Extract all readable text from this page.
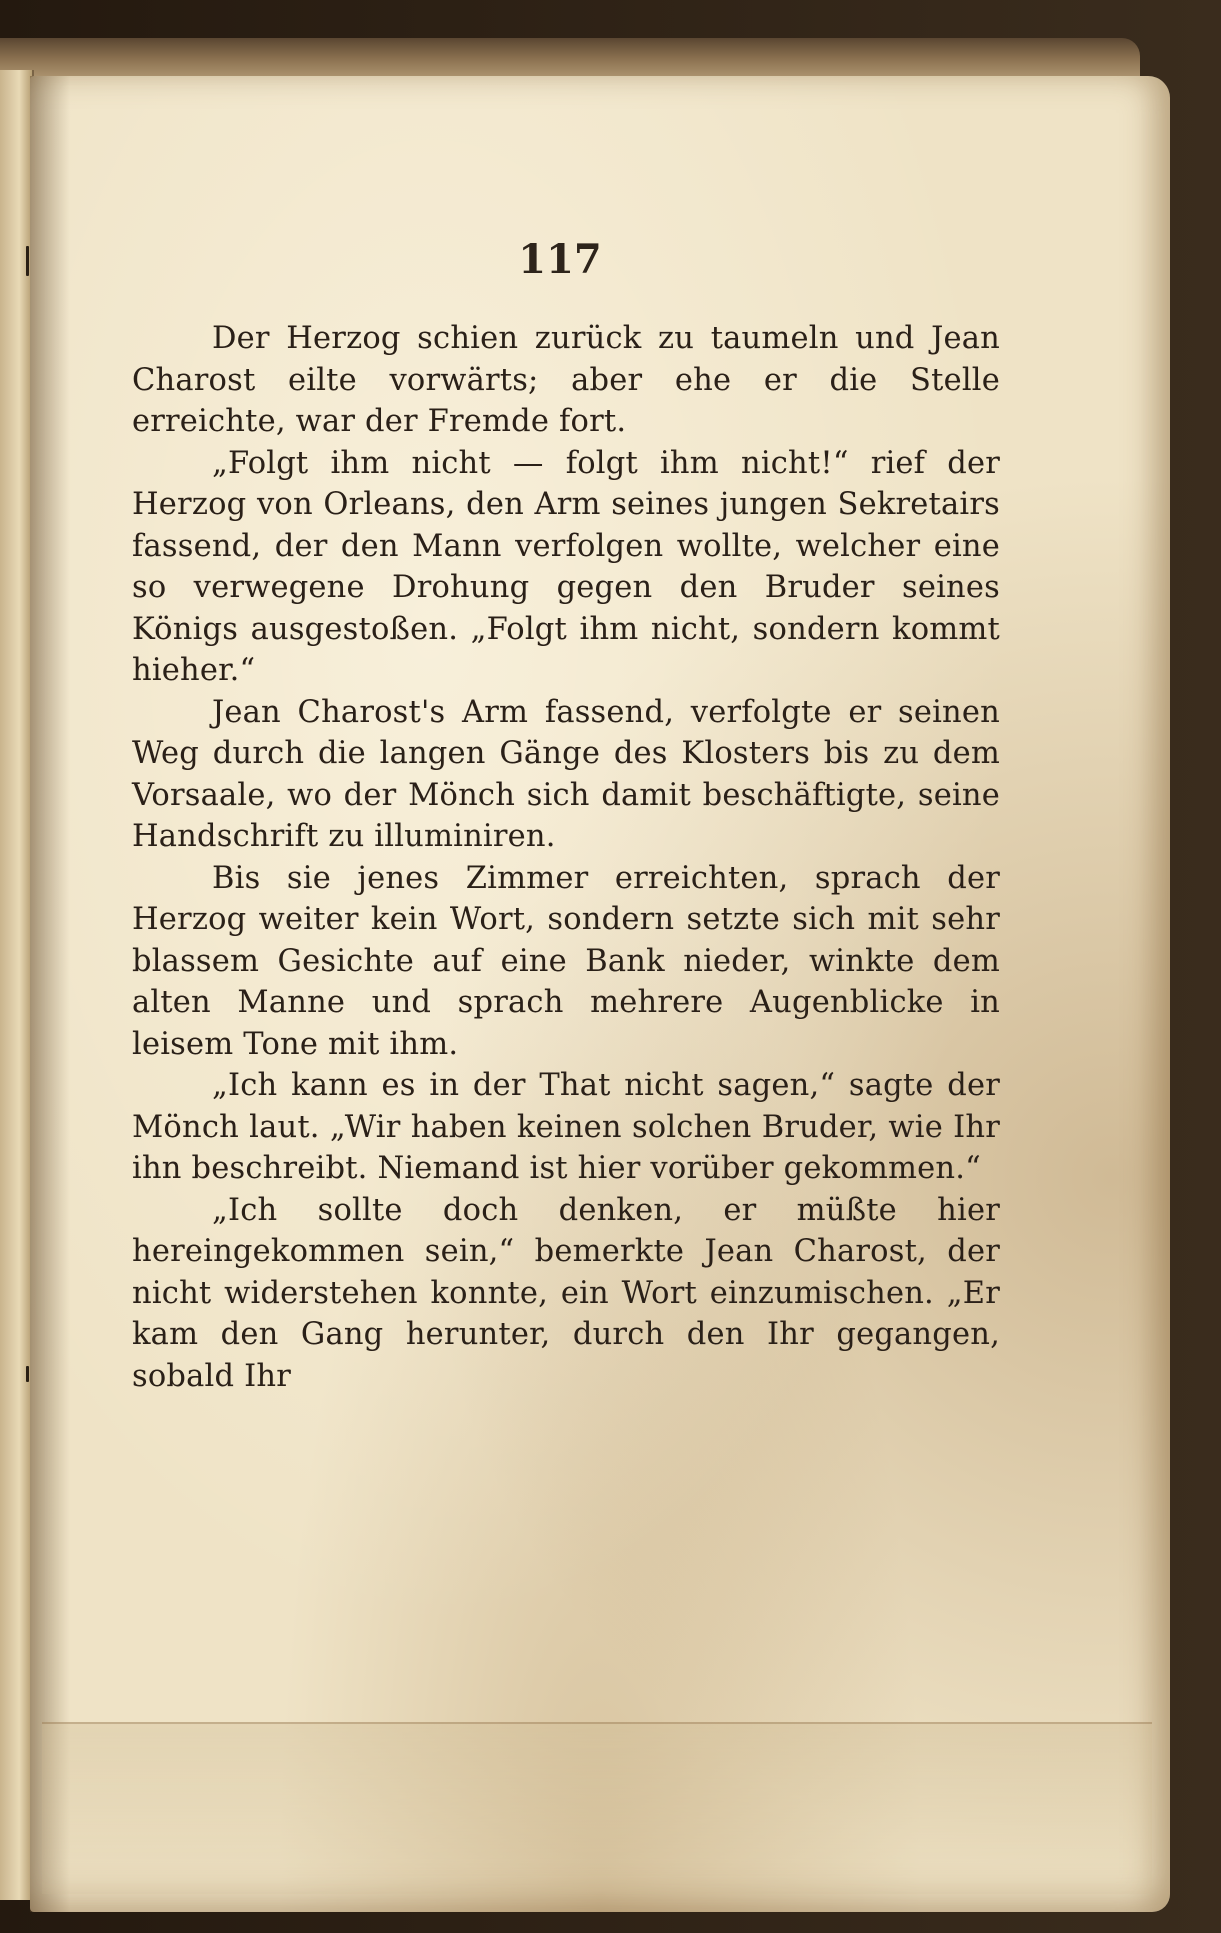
117

Der Herzog schien zurück zu taumeln und Jean Charost eilte vorwärts; aber ehe er die Stelle erreichte, war der Fremde fort.

„Folgt ihm nicht — folgt ihm nicht!“ rief der Herzog von Orleans, den Arm seines jungen Sekretairs fassend, der den Mann verfolgen wollte, welcher eine so verwegene Drohung gegen den Bruder seines Königs ausgestoßen. „Folgt ihm nicht, sondern kommt hieher.“

Jean Charost's Arm fassend, verfolgte er seinen Weg durch die langen Gänge des Klosters bis zu dem Vorsaale, wo der Mönch sich damit beschäftigte, seine Handschrift zu illuminiren.

Bis sie jenes Zimmer erreichten, sprach der Herzog weiter kein Wort, sondern setzte sich mit sehr blassem Gesichte auf eine Bank nieder, winkte dem alten Manne und sprach mehrere Augenblicke in leisem Tone mit ihm.

„Ich kann es in der That nicht sagen,“ sagte der Mönch laut. „Wir haben keinen solchen Bruder, wie Ihr ihn beschreibt. Niemand ist hier vorüber gekommen.“

„Ich sollte doch denken, er müßte hier hereingekommen sein,“ bemerkte Jean Charost, der nicht widerstehen konnte, ein Wort einzumischen. „Er kam den Gang herunter, durch den Ihr gegangen, sobald Ihr
